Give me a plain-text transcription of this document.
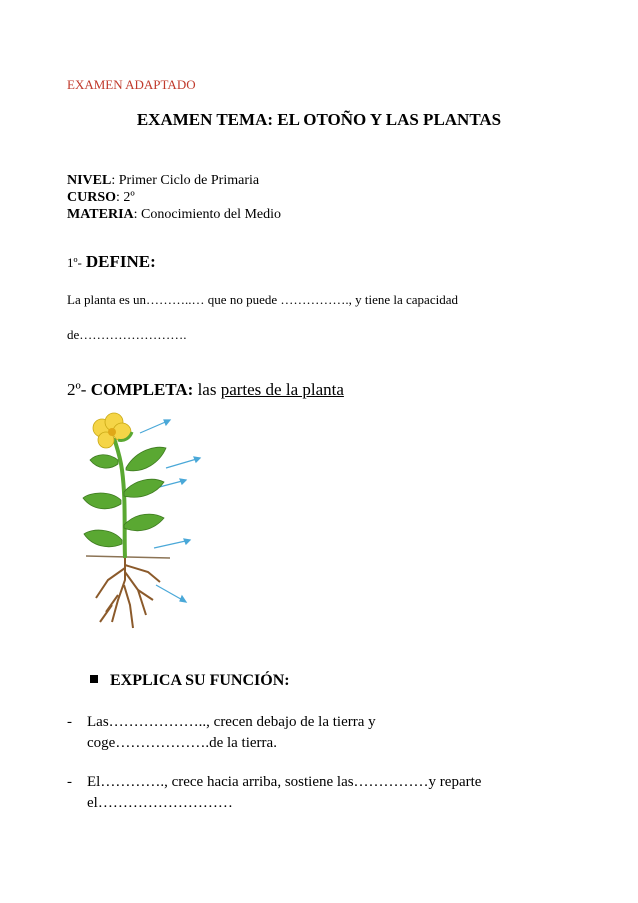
EXAMEN ADAPTADO
EXAMEN TEMA: EL OTOÑO Y LAS PLANTAS
NIVEL: Primer Ciclo de Primaria
CURSO: 2º
MATERIA: Conocimiento del Medio
1º- DEFINE:
La planta es un………..… que no puede ……………., y tiene la capacidad
de…………………….
2º- COMPLETA: las partes de la planta
EXPLICA SU FUNCIÓN:
- Las……………….., crecen debajo de la tierra y
coge……………….de la tierra.
- El…………., crece hacia arriba, sostiene las……………y reparte
el………………………
